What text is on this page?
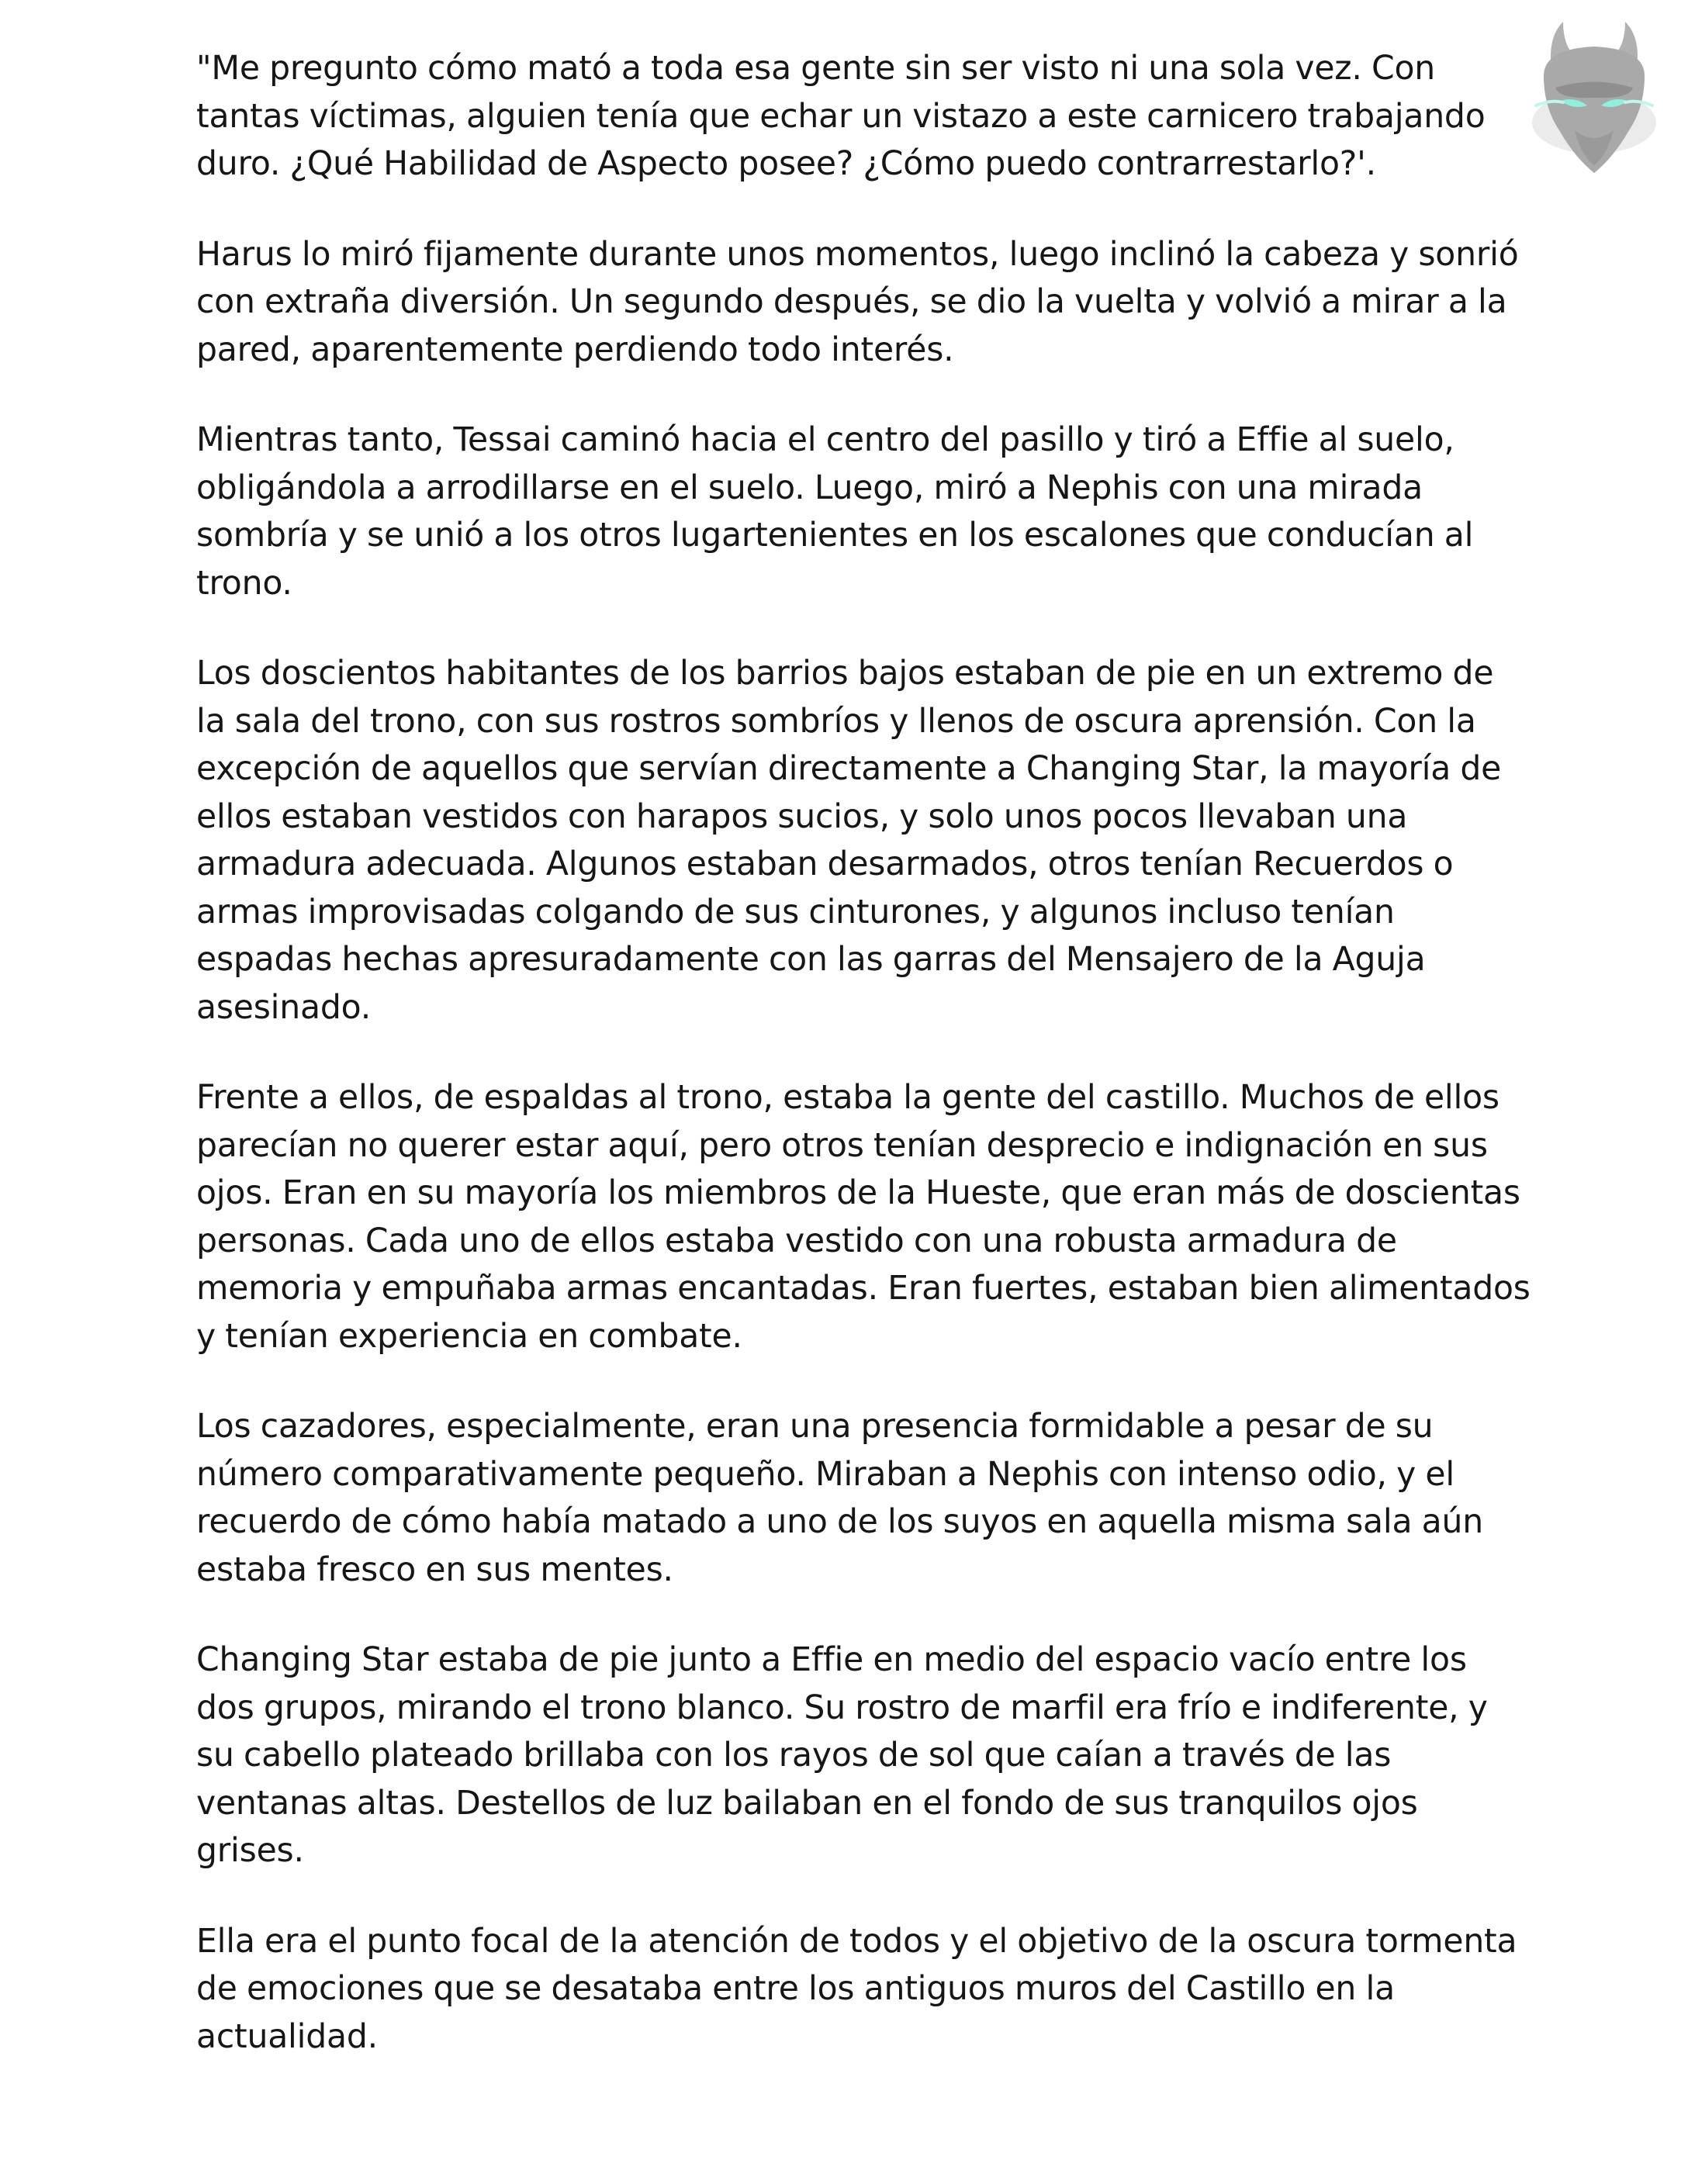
"Me pregunto cómo mató a toda esa gente sin ser visto ni una sola vez. Con tantas víctimas, alguien tenía que echar un vistazo a este carnicero trabajando duro. ¿Qué Habilidad de Aspecto posee? ¿Cómo puedo contrarrestarlo?'.

Harus lo miró fijamente durante unos momentos, luego inclinó la cabeza y sonrió con extraña diversión. Un segundo después, se dio la vuelta y volvió a mirar a la pared, aparentemente perdiendo todo interés.

Mientras tanto, Tessai caminó hacia el centro del pasillo y tiró a Effie al suelo, obligándola a arrodillarse en el suelo. Luego, miró a Nephis con una mirada sombría y se unió a los otros lugartenientes en los escalones que conducían al trono.

Los doscientos habitantes de los barrios bajos estaban de pie en un extremo de la sala del trono, con sus rostros sombríos y llenos de oscura aprensión. Con la excepción de aquellos que servían directamente a Changing Star, la mayoría de ellos estaban vestidos con harapos sucios, y solo unos pocos llevaban una armadura adecuada. Algunos estaban desarmados, otros tenían Recuerdos o armas improvisadas colgando de sus cinturones, y algunos incluso tenían espadas hechas apresuradamente con las garras del Mensajero de la Aguja asesinado.

Frente a ellos, de espaldas al trono, estaba la gente del castillo. Muchos de ellos parecían no querer estar aquí, pero otros tenían desprecio e indignación en sus ojos. Eran en su mayoría los miembros de la Hueste, que eran más de doscientas personas. Cada uno de ellos estaba vestido con una robusta armadura de memoria y empuñaba armas encantadas. Eran fuertes, estaban bien alimentados y tenían experiencia en combate.

Los cazadores, especialmente, eran una presencia formidable a pesar de su número comparativamente pequeño. Miraban a Nephis con intenso odio, y el recuerdo de cómo había matado a uno de los suyos en aquella misma sala aún estaba fresco en sus mentes.

Changing Star estaba de pie junto a Effie en medio del espacio vacío entre los dos grupos, mirando el trono blanco. Su rostro de marfil era frío e indiferente, y su cabello plateado brillaba con los rayos de sol que caían a través de las ventanas altas. Destellos de luz bailaban en el fondo de sus tranquilos ojos grises.

Ella era el punto focal de la atención de todos y el objetivo de la oscura tormenta de emociones que se desataba entre los antiguos muros del Castillo en la actualidad.
